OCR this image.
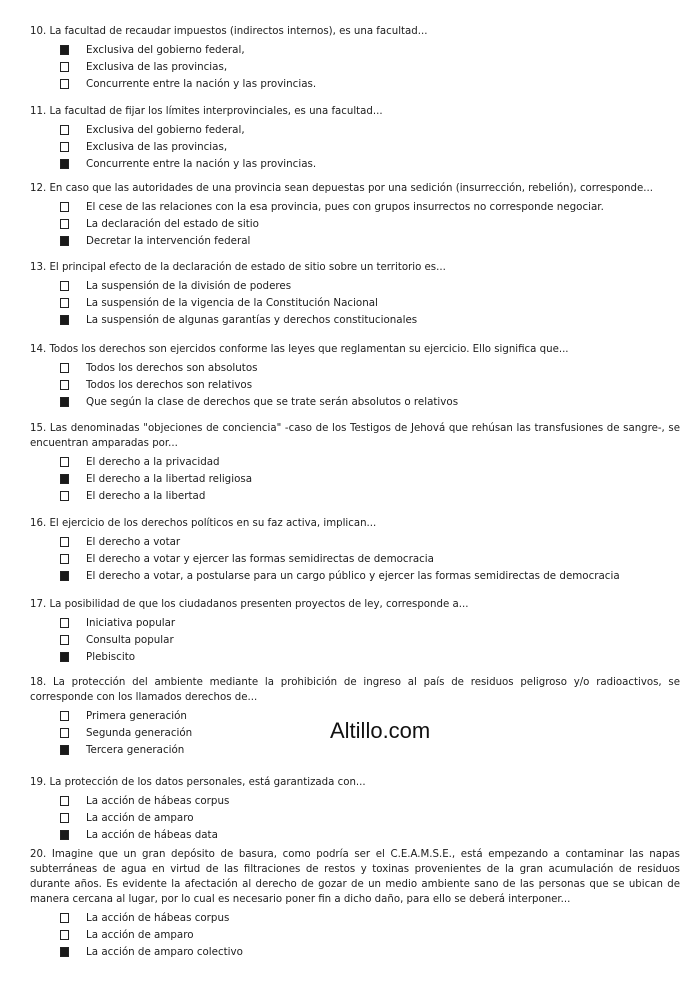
10. La facultad de recaudar impuestos (indirectos internos), es una facultad...

Exclusiva del gobierno federal,
Exclusiva de las provincias,
Concurrente entre la nación y las provincias.

11. La facultad de fijar los límites interprovinciales, es una facultad...

Exclusiva del gobierno federal,
Exclusiva de las provincias,
Concurrente entre la nación y las provincias.

12. En caso que las autoridades de una provincia sean depuestas por una sedición (insurrección, rebelión), corresponde...

El cese de las relaciones con la esa provincia, pues con grupos insurrectos no corresponde negociar.
La declaración del estado de sitio
Decretar la intervención federal

13. El principal efecto de la declaración de estado de sitio sobre un territorio es...

La suspensión de la división de poderes
La suspensión de la vigencia de la Constitución Nacional
La suspensión de algunas garantías y derechos constitucionales

14. Todos los derechos son ejercidos conforme las leyes que reglamentan su ejercicio. Ello significa que...

Todos los derechos son absolutos
Todos los derechos son relativos
Que según la clase de derechos que se trate serán absolutos o relativos

15. Las denominadas "objeciones de conciencia" -caso de los Testigos de Jehová que rehúsan las transfusiones de sangre-, se encuentran amparadas por...

El derecho a la privacidad
El derecho a la libertad religiosa
El derecho a la libertad

16. El ejercicio de los derechos políticos en su faz activa, implican...

El derecho a votar
El derecho a votar y ejercer las formas semidirectas de democracia
El derecho a votar, a postularse para un cargo público y ejercer las formas semidirectas de democracia

17. La posibilidad de que los ciudadanos presenten proyectos de ley, corresponde a...

Iniciativa popular
Consulta popular
Plebiscito

18. La protección del ambiente mediante la prohibición de ingreso al país de residuos peligroso y/o radioactivos, se corresponde con los llamados derechos de...

Primera generación
Segunda generación
Tercera generación
Altillo.com

19. La protección de los datos personales, está garantizada con...

La acción de hábeas corpus
La acción de amparo
La acción de hábeas data

20. Imagine que un gran depósito de basura, como podría ser el C.E.A.M.S.E., está empezando a contaminar las napas subterráneas de agua en virtud de las filtraciones de restos y toxinas provenientes de la gran acumulación de residuos durante años. Es evidente la afectación al derecho de gozar de un medio ambiente sano de las personas que se ubican de manera cercana al lugar, por lo cual es necesario poner fin a dicho daño, para ello se deberá interponer...

La acción de hábeas corpus
La acción de amparo
La acción de amparo colectivo
